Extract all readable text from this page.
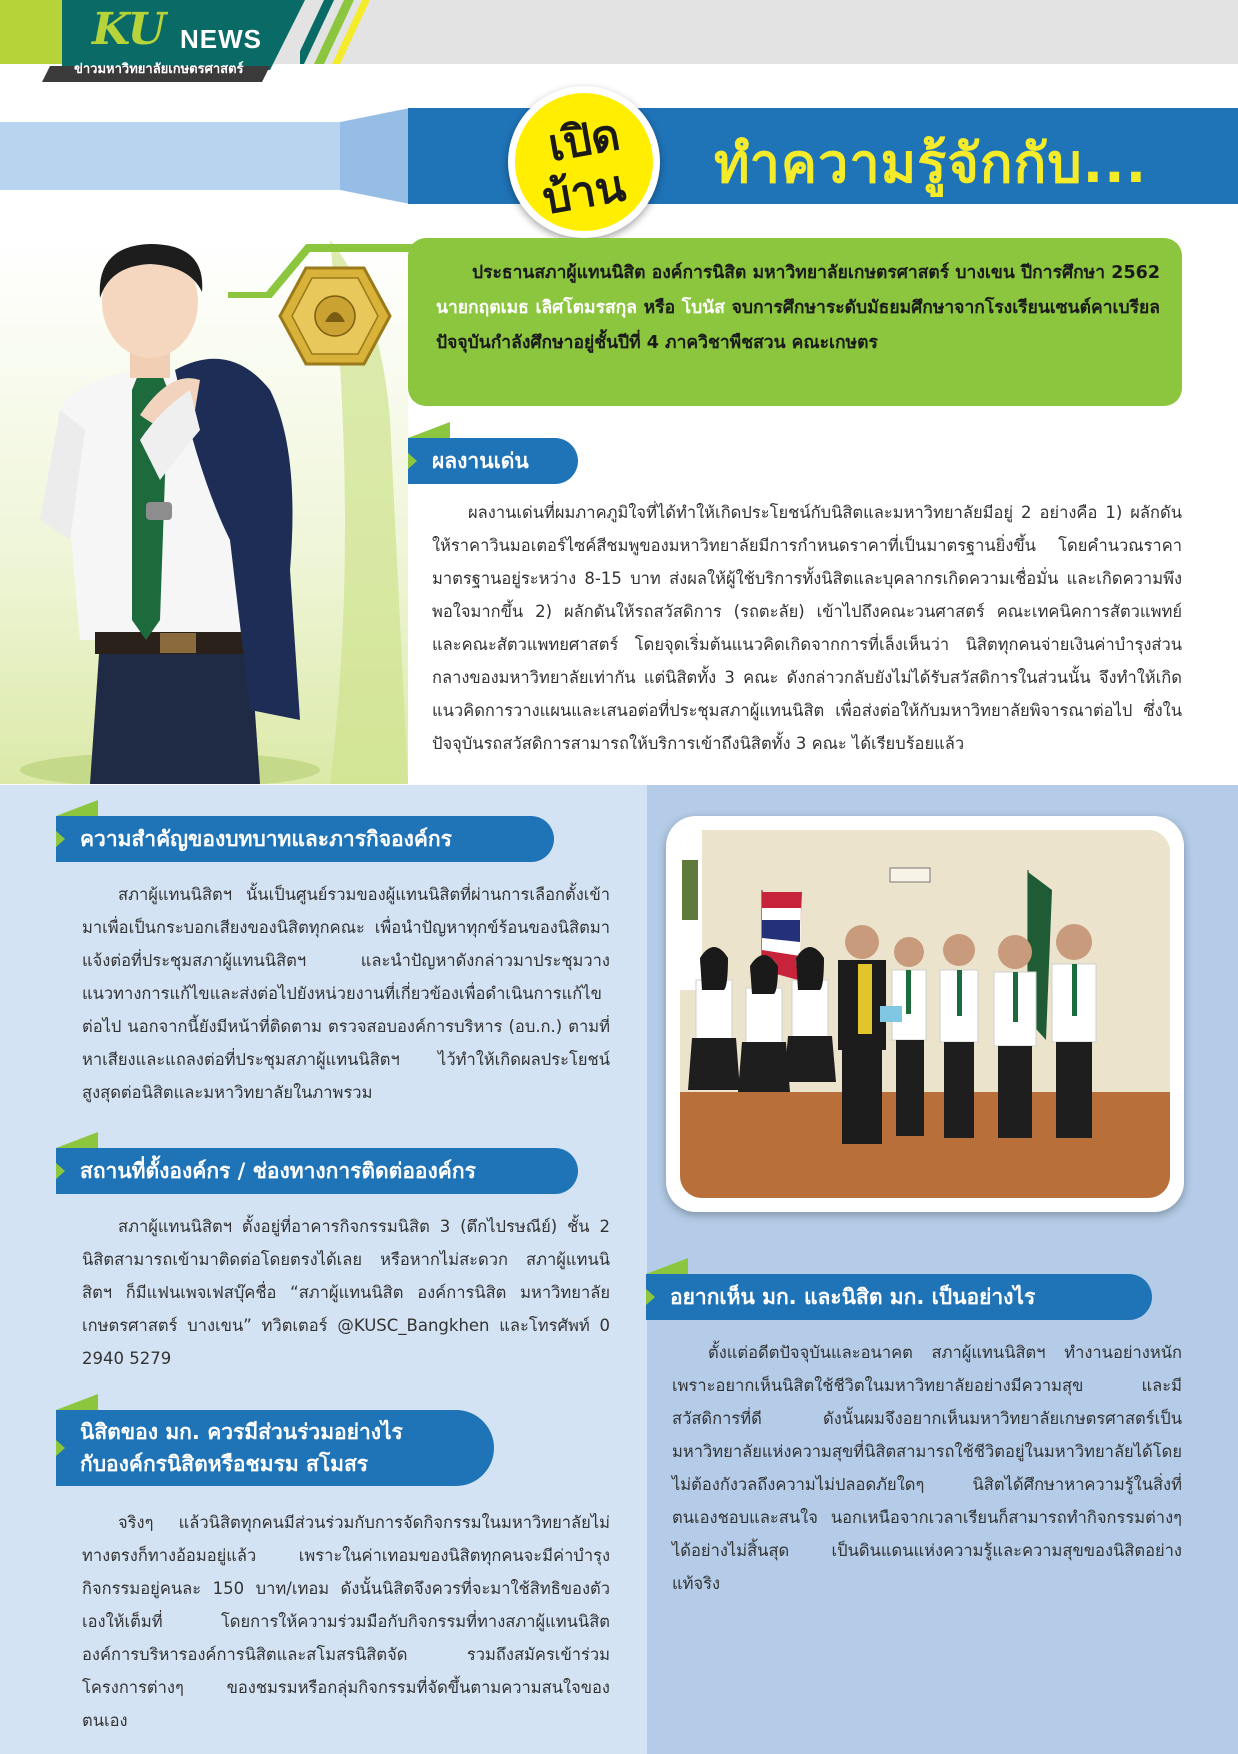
KU NEWS
ข่าวมหาวิทยาลัยเกษตรศาสตร์
เปิด
บ้าน	ทำความรู้จักกับ...

ประธานสภาผู้แทนนิสิต องค์การนิสิต มหาวิทยาลัยเกษตรศาสตร์ บางเขน ปีการศึกษา 2562 นายกฤตเมธ เลิศโตมรสกุล หรือ โบนัส จบการศึกษาระดับมัธยมศึกษาจากโรงเรียนเซนต์คาเบรียล ปัจจุบันกำลังศึกษาอยู่ชั้นปีที่ 4 ภาควิชาพืชสวน คณะเกษตร

ผลงานเด่น

ผลงานเด่นที่ผมภาคภูมิใจที่ได้ทำให้เกิดประโยชน์กับนิสิตและมหาวิทยาลัยมีอยู่ 2 อย่างคือ 1) ผลักดันให้ราคาวินมอเตอร์ไซค์สีชมพูของมหาวิทยาลัยมีการกำหนดราคาที่เป็นมาตรฐานยิ่งขึ้น โดยคำนวณราคามาตรฐานอยู่ระหว่าง 8-15 บาท ส่งผลให้ผู้ใช้บริการทั้งนิสิตและบุคลากรเกิดความเชื่อมั่น และเกิดความพึงพอใจมากขึ้น 2) ผลักดันให้รถสวัสดิการ (รถตะลัย) เข้าไปถึงคณะวนศาสตร์ คณะเทคนิคการสัตวแพทย์ และคณะสัตวแพทยศาสตร์ โดยจุดเริ่มต้นแนวคิดเกิดจากการที่เล็งเห็นว่า นิสิตทุกคนจ่ายเงินค่าบำรุงส่วนกลางของมหาวิทยาลัยเท่ากัน แต่นิสิตทั้ง 3 คณะ ดังกล่าวกลับยังไม่ได้รับสวัสดิการในส่วนนั้น จึงทำให้เกิดแนวคิดการวางแผนและเสนอต่อที่ประชุมสภาผู้แทนนิสิต เพื่อส่งต่อให้กับมหาวิทยาลัยพิจารณาต่อไป ซึ่งในปัจจุบันรถสวัสดิการสามารถให้บริการเข้าถึงนิสิตทั้ง 3 คณะ ได้เรียบร้อยแล้ว

ความสำคัญของบทบาทและภารกิจองค์กร

สภาผู้แทนนิสิตฯ นั้นเป็นศูนย์รวมของผู้แทนนิสิตที่ผ่านการเลือกตั้งเข้ามาเพื่อเป็นกระบอกเสียงของนิสิตทุกคณะ เพื่อนำปัญหาทุกข์ร้อนของนิสิตมาแจ้งต่อที่ประชุมสภาผู้แทนนิสิตฯ และนำปัญหาดังกล่าวมาประชุมวางแนวทางการแก้ไขและส่งต่อไปยังหน่วยงานที่เกี่ยวข้องเพื่อดำเนินการแก้ไขต่อไป นอกจากนี้ยังมีหน้าที่ติดตาม ตรวจสอบองค์การบริหาร (อบ.ก.) ตามที่หาเสียงและแถลงต่อที่ประชุมสภาผู้แทนนิสิตฯ ไว้ทำให้เกิดผลประโยชน์สูงสุดต่อนิสิตและมหาวิทยาลัยในภาพรวม

สถานที่ตั้งองค์กร / ช่องทางการติดต่อองค์กร

สภาผู้แทนนิสิตฯ ตั้งอยู่ที่อาคารกิจกรรมนิสิต 3 (ตึกไปรษณีย์) ชั้น 2 นิสิตสามารถเข้ามาติดต่อโดยตรงได้เลย หรือหากไม่สะดวก สภาผู้แทนนิสิตฯ ก็มีแฟนเพจเฟสบุ๊คชื่อ “สภาผู้แทนนิสิต องค์การนิสิต มหาวิทยาลัยเกษตรศาสตร์ บางเขน” ทวิตเตอร์ @KUSC_Bangkhen และโทรศัพท์ 0 2940 5279

นิสิตของ มก. ควรมีส่วนร่วมอย่างไร
กับองค์กรนิสิตหรือชมรม สโมสร

จริงๆ แล้วนิสิตทุกคนมีส่วนร่วมกับการจัดกิจกรรมในมหาวิทยาลัยไม่ทางตรงก็ทางอ้อมอยู่แล้ว เพราะในค่าเทอมของนิสิตทุกคนจะมีค่าบำรุงกิจกรรมอยู่คนละ 150 บาท/เทอม ดังนั้นนิสิตจึงควรที่จะมาใช้สิทธิของตัวเองให้เต็มที่ โดยการให้ความร่วมมือกับกิจกรรมที่ทางสภาผู้แทนนิสิตองค์การบริหารองค์การนิสิตและสโมสรนิสิตจัด รวมถึงสมัครเข้าร่วมโครงการต่างๆ ของชมรมหรือกลุ่มกิจกรรมที่จัดขึ้นตามความสนใจของตนเอง

อยากเห็น มก. และนิสิต มก. เป็นอย่างไร

ตั้งแต่อดีตปัจจุบันและอนาคต สภาผู้แทนนิสิตฯ ทำงานอย่างหนักเพราะอยากเห็นนิสิตใช้ชีวิตในมหาวิทยาลัยอย่างมีความสุข และมีสวัสดิการที่ดี ดังนั้นผมจึงอยากเห็นมหาวิทยาลัยเกษตรศาสตร์เป็นมหาวิทยาลัยแห่งความสุขที่นิสิตสามารถใช้ชีวิตอยู่ในมหาวิทยาลัยได้โดยไม่ต้องกังวลถึงความไม่ปลอดภัยใดๆ นิสิตได้ศึกษาหาความรู้ในสิ่งที่ตนเองชอบและสนใจ นอกเหนือจากเวลาเรียนก็สามารถทำกิจกรรมต่างๆ ได้อย่างไม่สิ้นสุด เป็นดินแดนแห่งความรู้และความสุขของนิสิตอย่างแท้จริง
